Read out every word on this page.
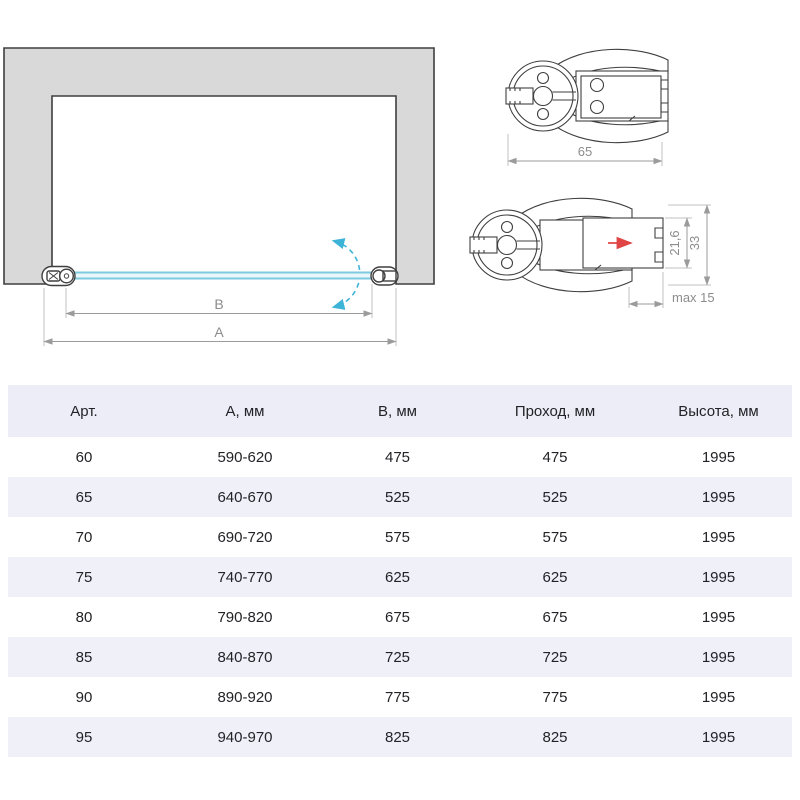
B
A
65
21,6 33
max 15
Арт.	А, мм	В, мм	Проход, мм	Высота, мм
60	590-620	475	475	1995
65	640-670	525	525	1995
70	690-720	575	575	1995
75	740-770	625	625	1995
80	790-820	675	675	1995
85	840-870	725	725	1995
90	890-920	775	775	1995
95	940-970	825	825	1995
